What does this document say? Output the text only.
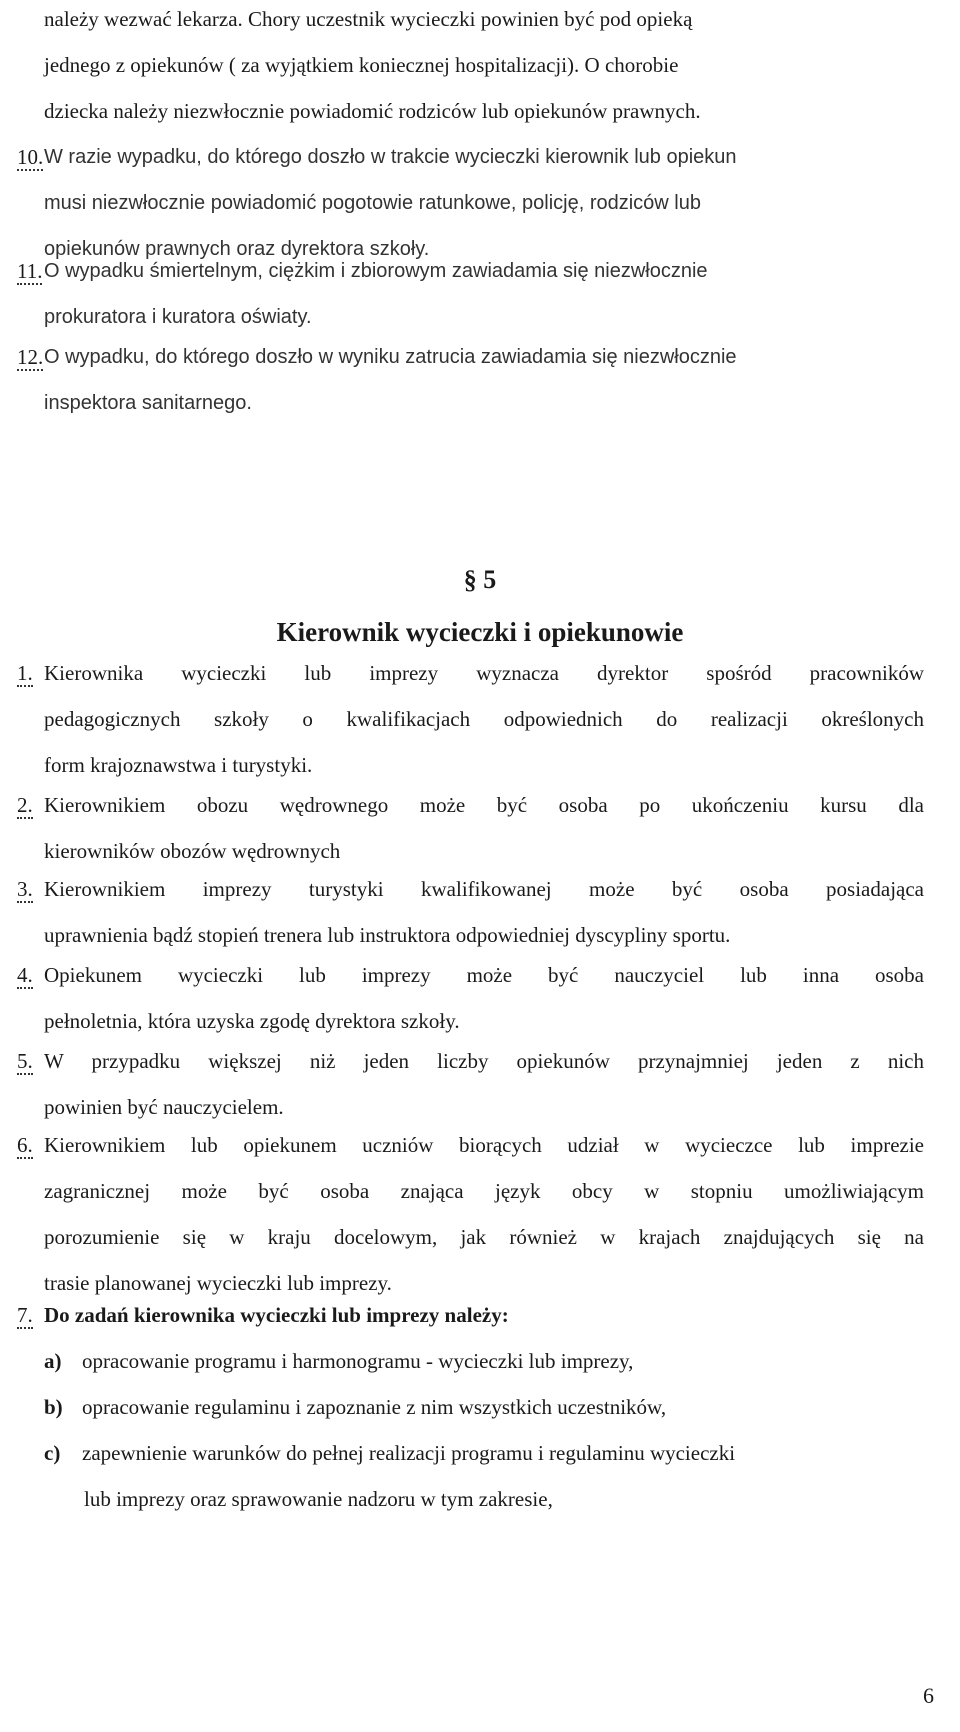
należy wezwać lekarza. Chory uczestnik wycieczki powinien być pod opieką
jednego z opiekunów ( za wyjątkiem koniecznej hospitalizacji). O chorobie
dziecka należy niezwłocznie powiadomić rodziców lub opiekunów prawnych.
10. W razie wypadku, do którego doszło w trakcie wycieczki kierownik lub opiekun
musi niezwłocznie powiadomić pogotowie ratunkowe, policję, rodziców lub
opiekunów prawnych oraz dyrektora szkoły.
11. O wypadku śmiertelnym, ciężkim i zbiorowym zawiadamia się niezwłocznie
prokuratora i kuratora oświaty.
12. O wypadku, do którego doszło w wyniku zatrucia zawiadamia się niezwłocznie
inspektora sanitarnego.
§ 5
Kierownik wycieczki i opiekunowie
1. Kierownika wycieczki lub imprezy wyznacza dyrektor spośród pracowników
pedagogicznych szkoły o kwalifikacjach odpowiednich do realizacji określonych
form krajoznawstwa i turystyki.
2. Kierownikiem obozu wędrownego może być osoba po ukończeniu kursu dla
kierowników obozów wędrownych
3. Kierownikiem imprezy turystyki kwalifikowanej może być osoba posiadająca
uprawnienia bądź stopień trenera lub instruktora odpowiedniej dyscypliny sportu.
4. Opiekunem wycieczki lub imprezy może być nauczyciel lub inna osoba
pełnoletnia, która uzyska zgodę dyrektora szkoły.
5. W przypadku większej niż jeden liczby opiekunów przynajmniej jeden z nich
powinien być nauczycielem.
6. Kierownikiem lub opiekunem uczniów biorących udział w wycieczce lub imprezie
zagranicznej może być osoba znająca język obcy w stopniu umożliwiającym
porozumienie się w kraju docelowym, jak również w krajach znajdujących się na
trasie planowanej wycieczki lub imprezy.
7. Do zadań kierownika wycieczki lub imprezy należy:
a) opracowanie programu i harmonogramu - wycieczki lub imprezy,
b) opracowanie regulaminu i zapoznanie z nim wszystkich uczestników,
c) zapewnienie warunków do pełnej realizacji programu i regulaminu wycieczki
lub imprezy oraz sprawowanie nadzoru w tym zakresie,
6
